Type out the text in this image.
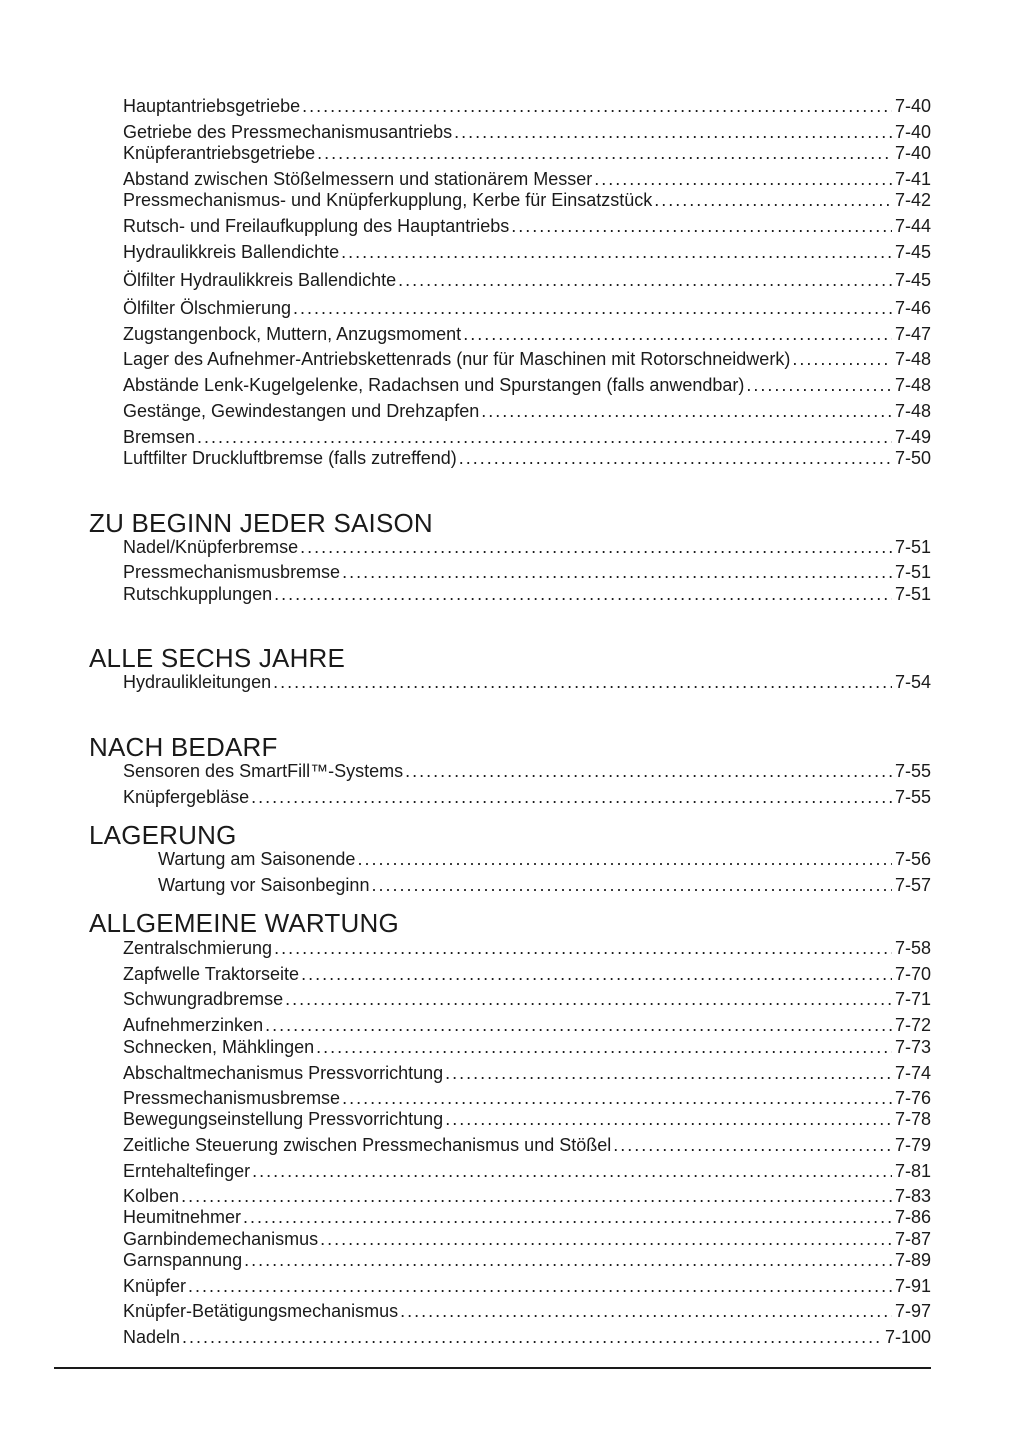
Hauptantriebsgetriebe .....	7-40
Getriebe des Pressmechanismusantriebs .....	7-40
Knüpferantriebsgetriebe .....	7-40
Abstand zwischen Stößelmessern und stationärem Messer .....	7-41
Pressmechanismus- und Knüpferkupplung, Kerbe für Einsatzstück .....	7-42
Rutsch- und Freilaufkupplung des Hauptantriebs .....	7-44
Hydraulikkreis Ballendichte .....	7-45
Ölfilter Hydraulikkreis Ballendichte .....	7-45
Ölfilter Ölschmierung .....	7-46
Zugstangenbock, Muttern, Anzugsmoment .....	7-47
Lager des Aufnehmer-Antriebskettenrads (nur für Maschinen mit Rotorschneidwerk) .....	7-48
Abstände Lenk-Kugelgelenke, Radachsen und Spurstangen (falls anwendbar) .....	7-48
Gestänge, Gewindestangen und Drehzapfen .....	7-48
Bremsen .....	7-49
Luftfilter Druckluftbremse (falls zutreffend) .....	7-50
ZU BEGINN JEDER SAISON
Nadel/Knüpferbremse .....	7-51
Pressmechanismusbremse .....	7-51
Rutschkupplungen .....	7-51
ALLE SECHS JAHRE
Hydraulikleitungen .....	7-54
NACH BEDARF
Sensoren des SmartFill™-Systems .....	7-55
Knüpfergebläse .....	7-55
LAGERUNG
Wartung am Saisonende .....	7-56
Wartung vor Saisonbeginn .....	7-57
ALLGEMEINE WARTUNG
Zentralschmierung .....	7-58
Zapfwelle Traktorseite .....	7-70
Schwungradbremse .....	7-71
Aufnehmerzinken .....	7-72
Schnecken, Mähklingen .....	7-73
Abschaltmechanismus Pressvorrichtung .....	7-74
Pressmechanismusbremse .....	7-76
Bewegungseinstellung Pressvorrichtung .....	7-78
Zeitliche Steuerung zwischen Pressmechanismus und Stößel .....	7-79
Erntehaltefinger .....	7-81
Kolben .....	7-83
Heumitnehmer .....	7-86
Garnbindemechanismus .....	7-87
Garnspannung .....	7-89
Knüpfer .....	7-91
Knüpfer-Betätigungsmechanismus .....	7-97
Nadeln .....	7-100
